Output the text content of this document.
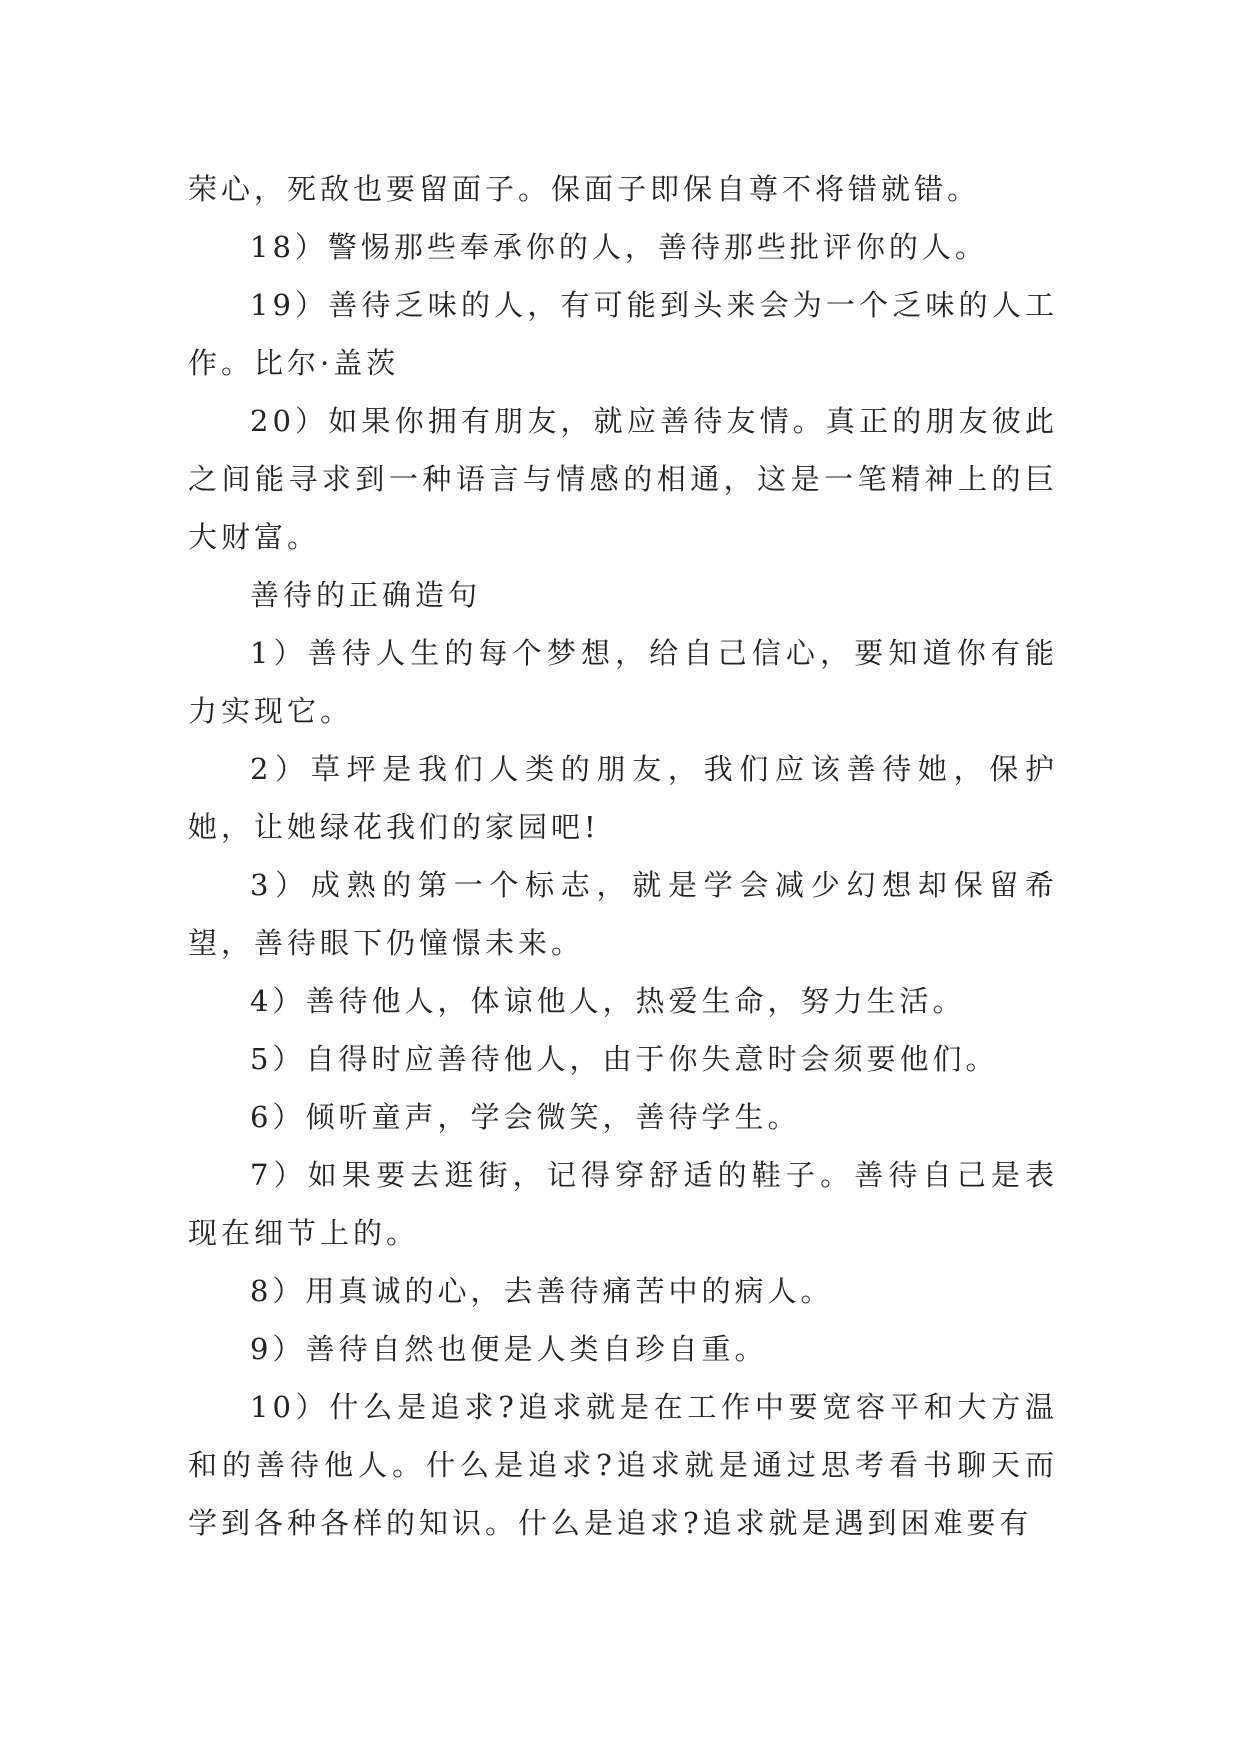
荣心，死敌也要留面子。保面子即保自尊不将错就错。

18）警惕那些奉承你的人，善待那些批评你的人。

19）善待乏味的人，有可能到头来会为一个乏味的人工作。比尔·盖茨

20）如果你拥有朋友，就应善待友情。真正的朋友彼此之间能寻求到一种语言与情感的相通，这是一笔精神上的巨大财富。

善待的正确造句

1）善待人生的每个梦想，给自己信心，要知道你有能力实现它。

2）草坪是我们人类的朋友，我们应该善待她，保护她，让她绿花我们的家园吧!

3）成熟的第一个标志，就是学会减少幻想却保留希望，善待眼下仍憧憬未来。

4）善待他人，体谅他人，热爱生命，努力生活。

5）自得时应善待他人，由于你失意时会须要他们。

6）倾听童声，学会微笑，善待学生。

7）如果要去逛街，记得穿舒适的鞋子。善待自己是表现在细节上的。

8）用真诚的心，去善待痛苦中的病人。

9）善待自然也便是人类自珍自重。

10）什么是追求?追求就是在工作中要宽容平和大方温和的善待他人。什么是追求?追求就是通过思考看书聊天而学到各种各样的知识。什么是追求?追求就是遇到困难要有
